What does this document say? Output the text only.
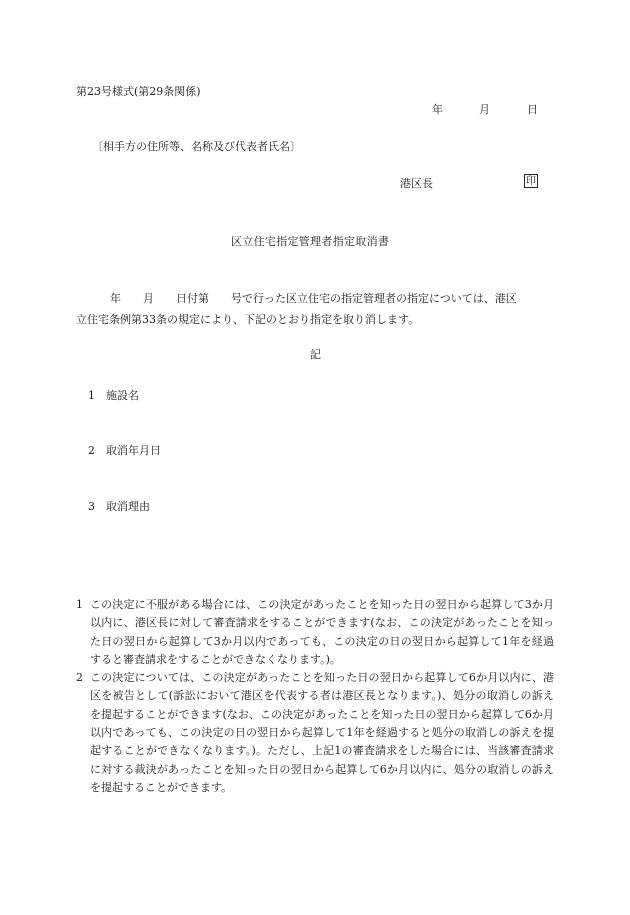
第23号様式(第29条関係)
年	月	日
〔相手方の住所等、名称及び代表者氏名〕
港区長	印
区立住宅指定管理者指定取消書
年　　月　　日付第　　号で行った区立住宅の指定管理者の指定については、港区
立住宅条例第33条の規定により、下記のとおり指定を取り消します。
記
1 施設名
2 取消年月日
3 取消理由
1 この決定に不服がある場合には、この決定があったことを知った日の翌日から起算して3か月以内に、港区長に対して審査請求をすることができます(なお、この決定があったことを知った日の翌日から起算して3か月以内であっても、この決定の日の翌日から起算して1年を経過すると審査請求をすることができなくなります。)。
2 この決定については、この決定があったことを知った日の翌日から起算して6か月以内に、港区を被告として(訴訟において港区を代表する者は港区長となります。)、処分の取消しの訴えを提起することができます(なお、この決定があったことを知った日の翌日から起算して6か月以内であっても、この決定の日の翌日から起算して1年を経過すると処分の取消しの訴えを提起することができなくなります。)。ただし、上記1の審査請求をした場合には、当該審査請求に対する裁決があったことを知った日の翌日から起算して6か月以内に、処分の取消しの訴えを提起することができます。
